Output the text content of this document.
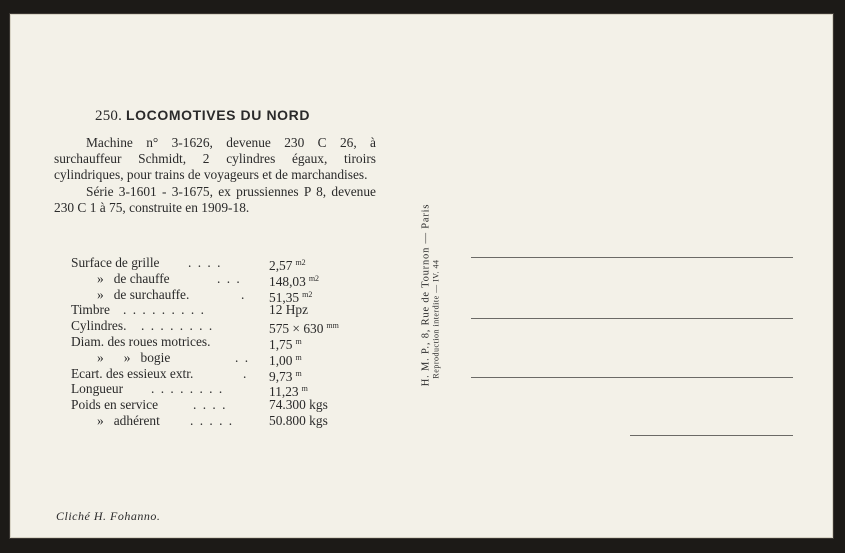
250. LOCOMOTIVES DU NORD

Machine n° 3-1626, devenue 230 C 26, à surchauffeur Schmidt, 2 cylindres égaux, tiroirs cylindriques, pour trains de voyageurs et de marchandises.

Série 3-1601 - 3-1675, ex prussiennes P 8, devenue 230 C 1 à 75, construite en 1909-18.

Surface de grille . . . .	2,57 $^{m2}$
»   de chauffe	. . . 148,03 $^{m2}$
»   de surchauffe.	. 51,35 $^{m2}$
Timbre . . . . . . . . .	12 Hpz
Cylindres. . . . . . . . .	575 × 630 $^{mm}$
Diam. des roues motrices.	1,75 $^m$
»      »   bogie	. . 1,00 $^m$
Ecart. des essieux extr.	. 9,73 $^m$
Longueur . . . . . . . .	11,23 $^m$
Poids en service	. . . .	74.300 kgs
»   adhérent . . . . .	50.800 kgs
Cliché H. Fohanno.
H. M. P., 8, Rue de Tournon — Paris Reproduction interdite — IV. 44
